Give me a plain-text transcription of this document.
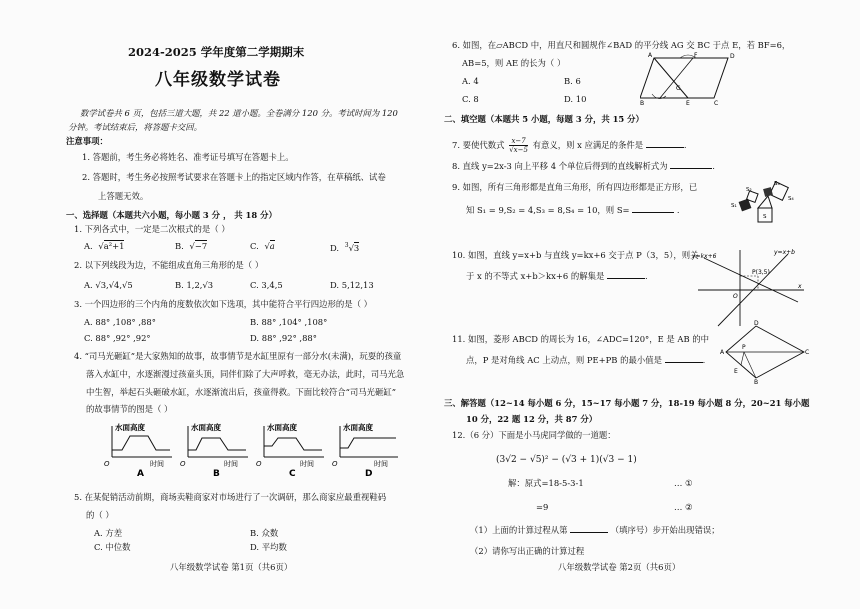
2024-2025 学年度第二学期期末
八年级数学试卷
数学试卷共 6 页，包括三道大题，共 22 道小题。全卷满分 120 分。考试时间为 120
分钟。考试结束后，将答题卡交回。
注意事项：
1. 答题前，考生务必将姓名、准考证号填写在答题卡上。
2. 答题时，考生务必按照考试要求在答题卡上的指定区域内作答，在草稿纸、试卷
上答题无效。
一、选择题（本题共六小题，每小题 3 分 ， 共 18 分）
1. 下列各式中，一定是二次根式的是（ ）
A. √a²+1	B. √−7	C. √a	D. $^3$√3
2. 以下列线段为边，不能组成直角三角形的是（ ）
A. √3,√4,√5	B. 1,2,√3	C. 3,4,5	D. 5,12,13
3. 一个四边形的三个内角的度数依次如下选项，其中能符合平行四边形的是（ ）
A. 88° ,108° ,88°	B. 88° ,104° ,108°
C. 88° ,92° ,92°	D. 88° ,92° ,88°
4. “司马光砸缸”是大家熟知的故事，故事情节是水缸里原有一部分水(未满)，玩耍的孩童
落入水缸中，水逐渐漫过孩童头顶，同伴们除了大声呼救，毫无办法，此时，司马光急
中生智，举起石头砸破水缸，水逐渐流出后，孩童得救。下面比较符合“司马光砸缸”
的故事情节的图是（ ）
水面高度
时间
O
A
水面高度
时间
O
B
水面高度
时间
O
C
水面高度
时间
O
D
5. 在某促销活动前期，商场卖鞋商家对市场进行了一次调研，那么商家应最重视鞋码
的（ ）
A. 方差	B. 众数
C. 中位数	D. 平均数
八年级数学试卷 第1页（共6页）
6. 如图，在▱ABCD 中，用直尺和圆规作∠BAD 的平分线 AG 交 BC 于点 E，若 BF=6，
AB=5，则 AE 的长为（ ）
A. 4	B. 6
C. 8	D. 10
A	D
F
G
B	E	C
二、填空题（本题共 5 小题，每题 3 分，共 15 分）
7. 要使代数式 $\frac{x-7}{√x-5}$ 有意义，则 x 应满足的条件是	.
8. 直线 y=2x-3 向上平移 4 个单位后得到的直线解析式为	.
9. 如图，所有三角形都是直角三角形，所有四边形都是正方形，已
知 S₁ = 9,S₂ = 4,S₃ = 8,S₄ = 10，则 S=	.	S₁
S₂
S₃
S₄
S
10. 如图，直线 y=x+b 与直线 y=kx+6 交于点 P（3，5），则关
于 x 的不等式 x+b＞kx+6 的解集是	.
y=kx+6
y=x+b
P(3,5)
O
x
11. 如图，菱形 ABCD 的周长为 16，∠ADC=120°，E 是 AB 的中
点，P 是对角线 AC 上动点，则 PE+PB 的最小值是	.
A
B
C
D
E
P
三、解答题（12~14 每小题 6 分，15~17 每小题 7 分，18-19 每小题 8 分，20~21 每小题
10 分，22 题 12 分，共 87 分）
12.（6 分）下面是小马虎同学做的一道题：
(3√2 − √5)² − (√3 + 1)(√3 − 1)
解：原式=18-5-3-1	… ①
=9	… ②
（1）上面的计算过程从第	（填序号）步开始出现错误；
（2）请你写出正确的计算过程
八年级数学试卷 第2页（共6页）
